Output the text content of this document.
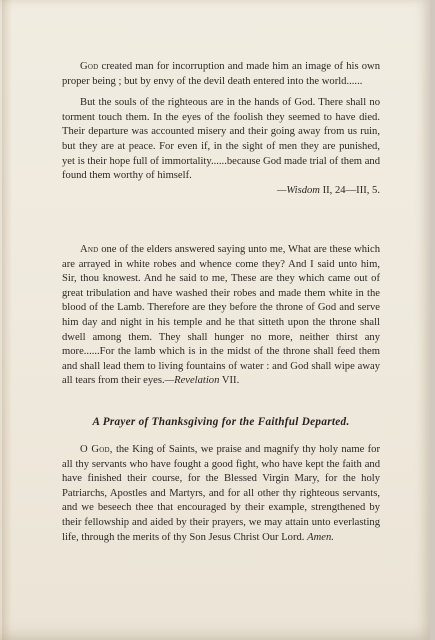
God created man for incorruption and made him an image of his own proper being ; but by envy of the devil death entered into the world......

But the souls of the righteous are in the hands of God. There shall no torment touch them. In the eyes of the foolish they seemed to have died. Their departure was accounted misery and their going away from us ruin, but they are at peace. For even if, in the sight of men they are punished, yet is their hope full of immortality......because God made trial of them and found them worthy of himself.

—Wisdom II, 24—III, 5.

And one of the elders answered saying unto me, What are these which are arrayed in white robes and whence come they? And I said unto him, Sir, thou knowest. And he said to me, These are they which came out of great tribulation and have washed their robes and made them white in the blood of the Lamb. Therefore are they before the throne of God and serve him day and night in his temple and he that sitteth upon the throne shall dwell among them. They shall hunger no more, neither thirst any more......For the lamb which is in the midst of the throne shall feed them and shall lead them to living fountains of water : and God shall wipe away all tears from their eyes.—Revelation VII.

A Prayer of Thanksgiving for the Faithful Departed.

O God, the King of Saints, we praise and magnify thy holy name for all thy servants who have fought a good fight, who have kept the faith and have finished their course, for the Blessed Virgin Mary, for the holy Patriarchs, Apostles and Martyrs, and for all other thy righteous servants, and we beseech thee that encouraged by their example, strengthened by their fellowship and aided by their prayers, we may attain unto everlasting life, through the merits of thy Son Jesus Christ Our Lord. Amen.
